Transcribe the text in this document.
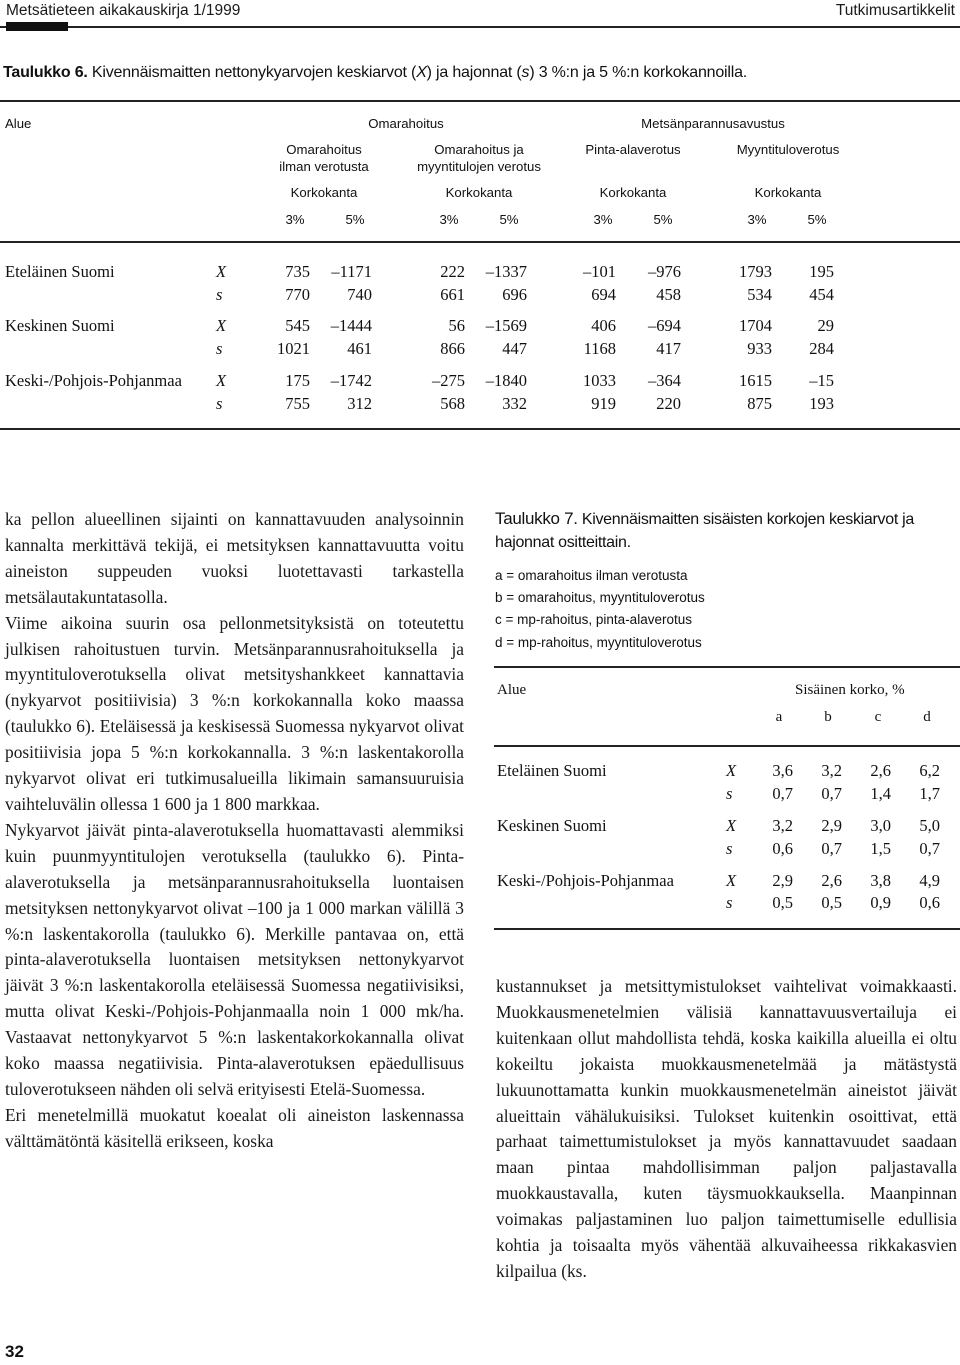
Metsätieteen aikakauskirja 1/1999	Tutkimusartikkelit
Taulukko 6. Kivennäismaitten nettonykyarvojen keskiarvot (X) ja hajonnat (s) 3 %:n ja 5 %:n korkokannoilla.
Alue	Omarahoitus	Metsänparannusavustus
Omarahoitus
ilman verotusta
Omarahoitus ja
myyntitulojen verotus
Pinta-alaverotus	Myyntituloverotus
Korkokanta	Korkokanta	Korkokanta	Korkokanta
3%	5%	3%	5%	3%	5%	3%	5%
Eteläinen Suomi	X	735 –1171	222 –1337	–101 –976	1793 195
s	770 740	661 696	694 458	534 454
Keskinen Suomi	X	545 –1444	56 –1569	406 –694	1704	29
s	1021 461	866 447	1168 417	933 284
Keski-/Pohjois-Pohjanmaa X	175 –1742	–275 –1840	1033 –364	1615 –15
s	755 312	568 332	919 220	875 193

ka pellon alueellinen sijainti on kannattavuuden analysoinnin kannalta merkittävä tekijä, ei metsityksen kannattavuutta voitu aineiston suppeuden vuoksi luotettavasti tarkastella metsälautakuntatasolla.

Viime aikoina suurin osa pellonmetsityksistä on toteutettu julkisen rahoitustuen turvin. Metsänparannusrahoituksella ja myyntituloverotuksella olivat metsityshankkeet kannattavia (nykyarvot positiivisia) 3 %:n korkokannalla koko maassa (taulukko 6). Eteläisessä ja keskisessä Suomessa nykyarvot olivat positiivisia jopa 5 %:n korkokannalla. 3 %:n laskentakorolla nykyarvot olivat eri tutkimusalueilla likimain samansuuruisia vaihteluvälin ollessa 1 600 ja 1 800 markkaa.

Nykyarvot jäivät pinta-alaverotuksella huomattavasti alemmiksi kuin puunmyyntitulojen verotuksella (taulukko 6). Pinta-alaverotuksella ja metsänparannusrahoituksella luontaisen metsityksen nettonykyarvot olivat –100 ja 1 000 markan välillä 3 %:n laskentakorolla (taulukko 6). Merkille pantavaa on, että pinta-alaverotuksella luontaisen metsityksen nettonykyarvot jäivät 3 %:n laskentakorolla eteläisessä Suomessa negatiivisiksi, mutta olivat Keski-/Pohjois-Pohjanmaalla noin 1 000 mk/ha. Vastaavat nettonykyarvot 5 %:n laskentakorkokannalla olivat koko maassa negatiivisia. Pinta-alaverotuksen epäedullisuus tuloverotukseen nähden oli selvä erityisesti Etelä-Suomessa.

Eri menetelmillä muokatut koealat oli aineiston laskennassa välttämätöntä käsitellä erikseen, koska

Taulukko 7. Kivennäismaitten sisäisten korkojen keskiarvot ja hajonnat ositteittain.
a = omarahoitus ilman verotusta
b = omarahoitus, myyntituloverotus
c = mp-rahoitus, pinta-alaverotus
d = mp-rahoitus, myyntituloverotus
Alue	Sisäinen korko, %
a	b	c	d
Eteläinen Suomi	X 3,6 3,2 2,6 6,2
s 0,7 0,7 1,4 1,7
Keskinen Suomi	X 3,2 2,9 3,0 5,0
s 0,6 0,7 1,5 0,7
Keski-/Pohjois-Pohjanmaa	X 2,9 2,6 3,8 4,9
s 0,5 0,5 0,9 0,6

kustannukset ja metsittymistulokset vaihtelivat voimakkaasti. Muokkausmenetelmien välisiä kannattavuusvertailuja ei kuitenkaan ollut mahdollista tehdä, koska kaikilla alueilla ei oltu kokeiltu jokaista muokkausmenetelmää ja mätästystä lukuunottamatta kunkin muokkausmenetelmän aineistot jäivät alueittain vähälukuisiksi. Tulokset kuitenkin osoittivat, että parhaat taimettumistulokset ja myös kannattavuudet saadaan maan pintaa mahdollisimman paljon paljastavalla muokkaustavalla, kuten täysmuokkauksella. Maanpinnan voimakas paljastaminen luo paljon taimettumiselle edullisia kohtia ja toisaalta myös vähentää alkuvaiheessa rikkakasvien kilpailua (ks.

32
